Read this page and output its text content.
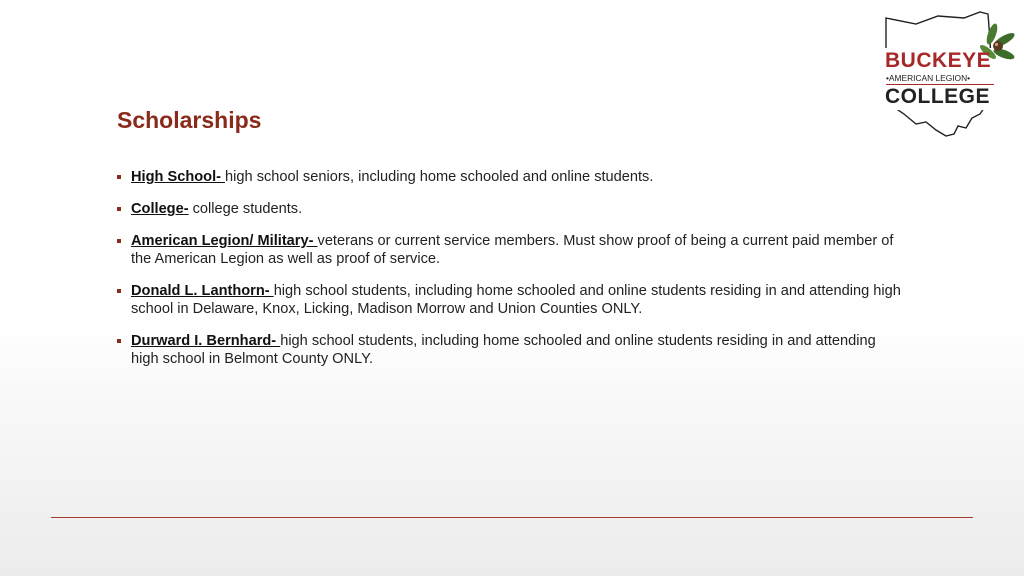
BUCKEYE
•AMERICAN LEGION•
COLLEGE
Scholarships
High School- high school seniors, including home schooled and online students.
College- college students.
American Legion/ Military- veterans or current service members. Must show proof of being a current paid member of the American Legion as well as proof of service.
Donald L. Lanthorn- high school students, including home schooled and online students residing in and attending high school in Delaware, Knox, Licking, Madison Morrow and Union Counties ONLY.
Durward I. Bernhard- high school students, including home schooled and online students residing in and attending high school in Belmont County ONLY.
